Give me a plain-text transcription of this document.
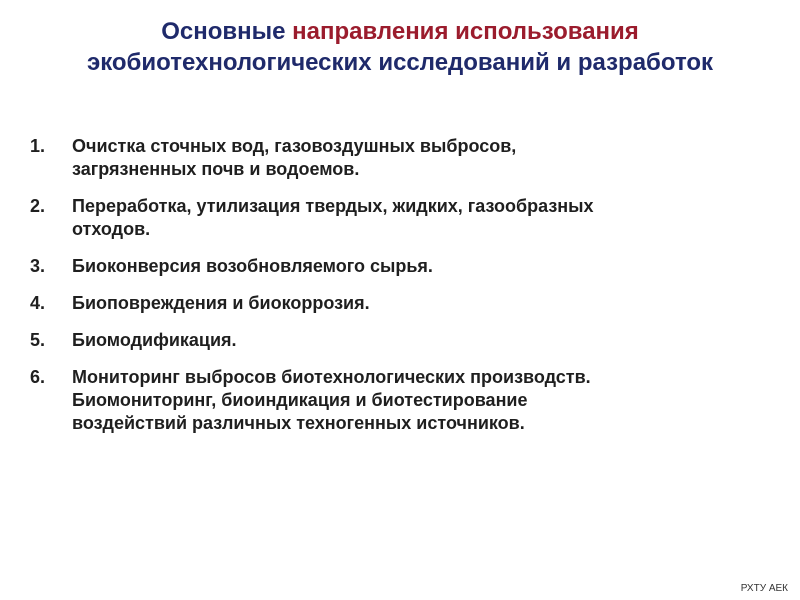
Основные направления использования
экобиотехнологических исследований и разработок
1.	Очистка сточных вод, газовоздушных выбросов,
загрязненных почв и водоемов.
2.	Переработка, утилизация твердых, жидких, газообразных
отходов.
3.	Биоконверсия возобновляемого сырья.
4.	Биоповреждения и биокоррозия.
5.	Биомодификация.
6.	Мониторинг выбросов биотехнологических производств.
Биомониторинг, биоиндикация и биотестирование
воздействий различных техногенных источников.
РХТУ АЕК
